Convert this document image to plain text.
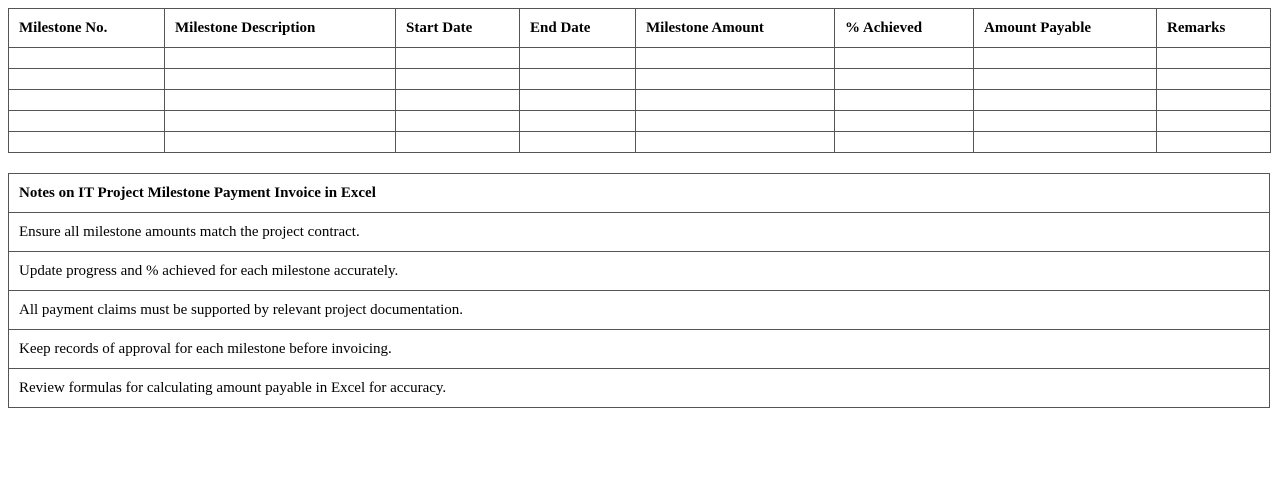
Milestone No.	Milestone Description	Start Date	End Date	Milestone Amount	% Achieved	Amount Payable	Remarks

Notes on IT Project Milestone Payment Invoice in Excel
Ensure all milestone amounts match the project contract.
Update progress and % achieved for each milestone accurately.
All payment claims must be supported by relevant project documentation.
Keep records of approval for each milestone before invoicing.
Review formulas for calculating amount payable in Excel for accuracy.
